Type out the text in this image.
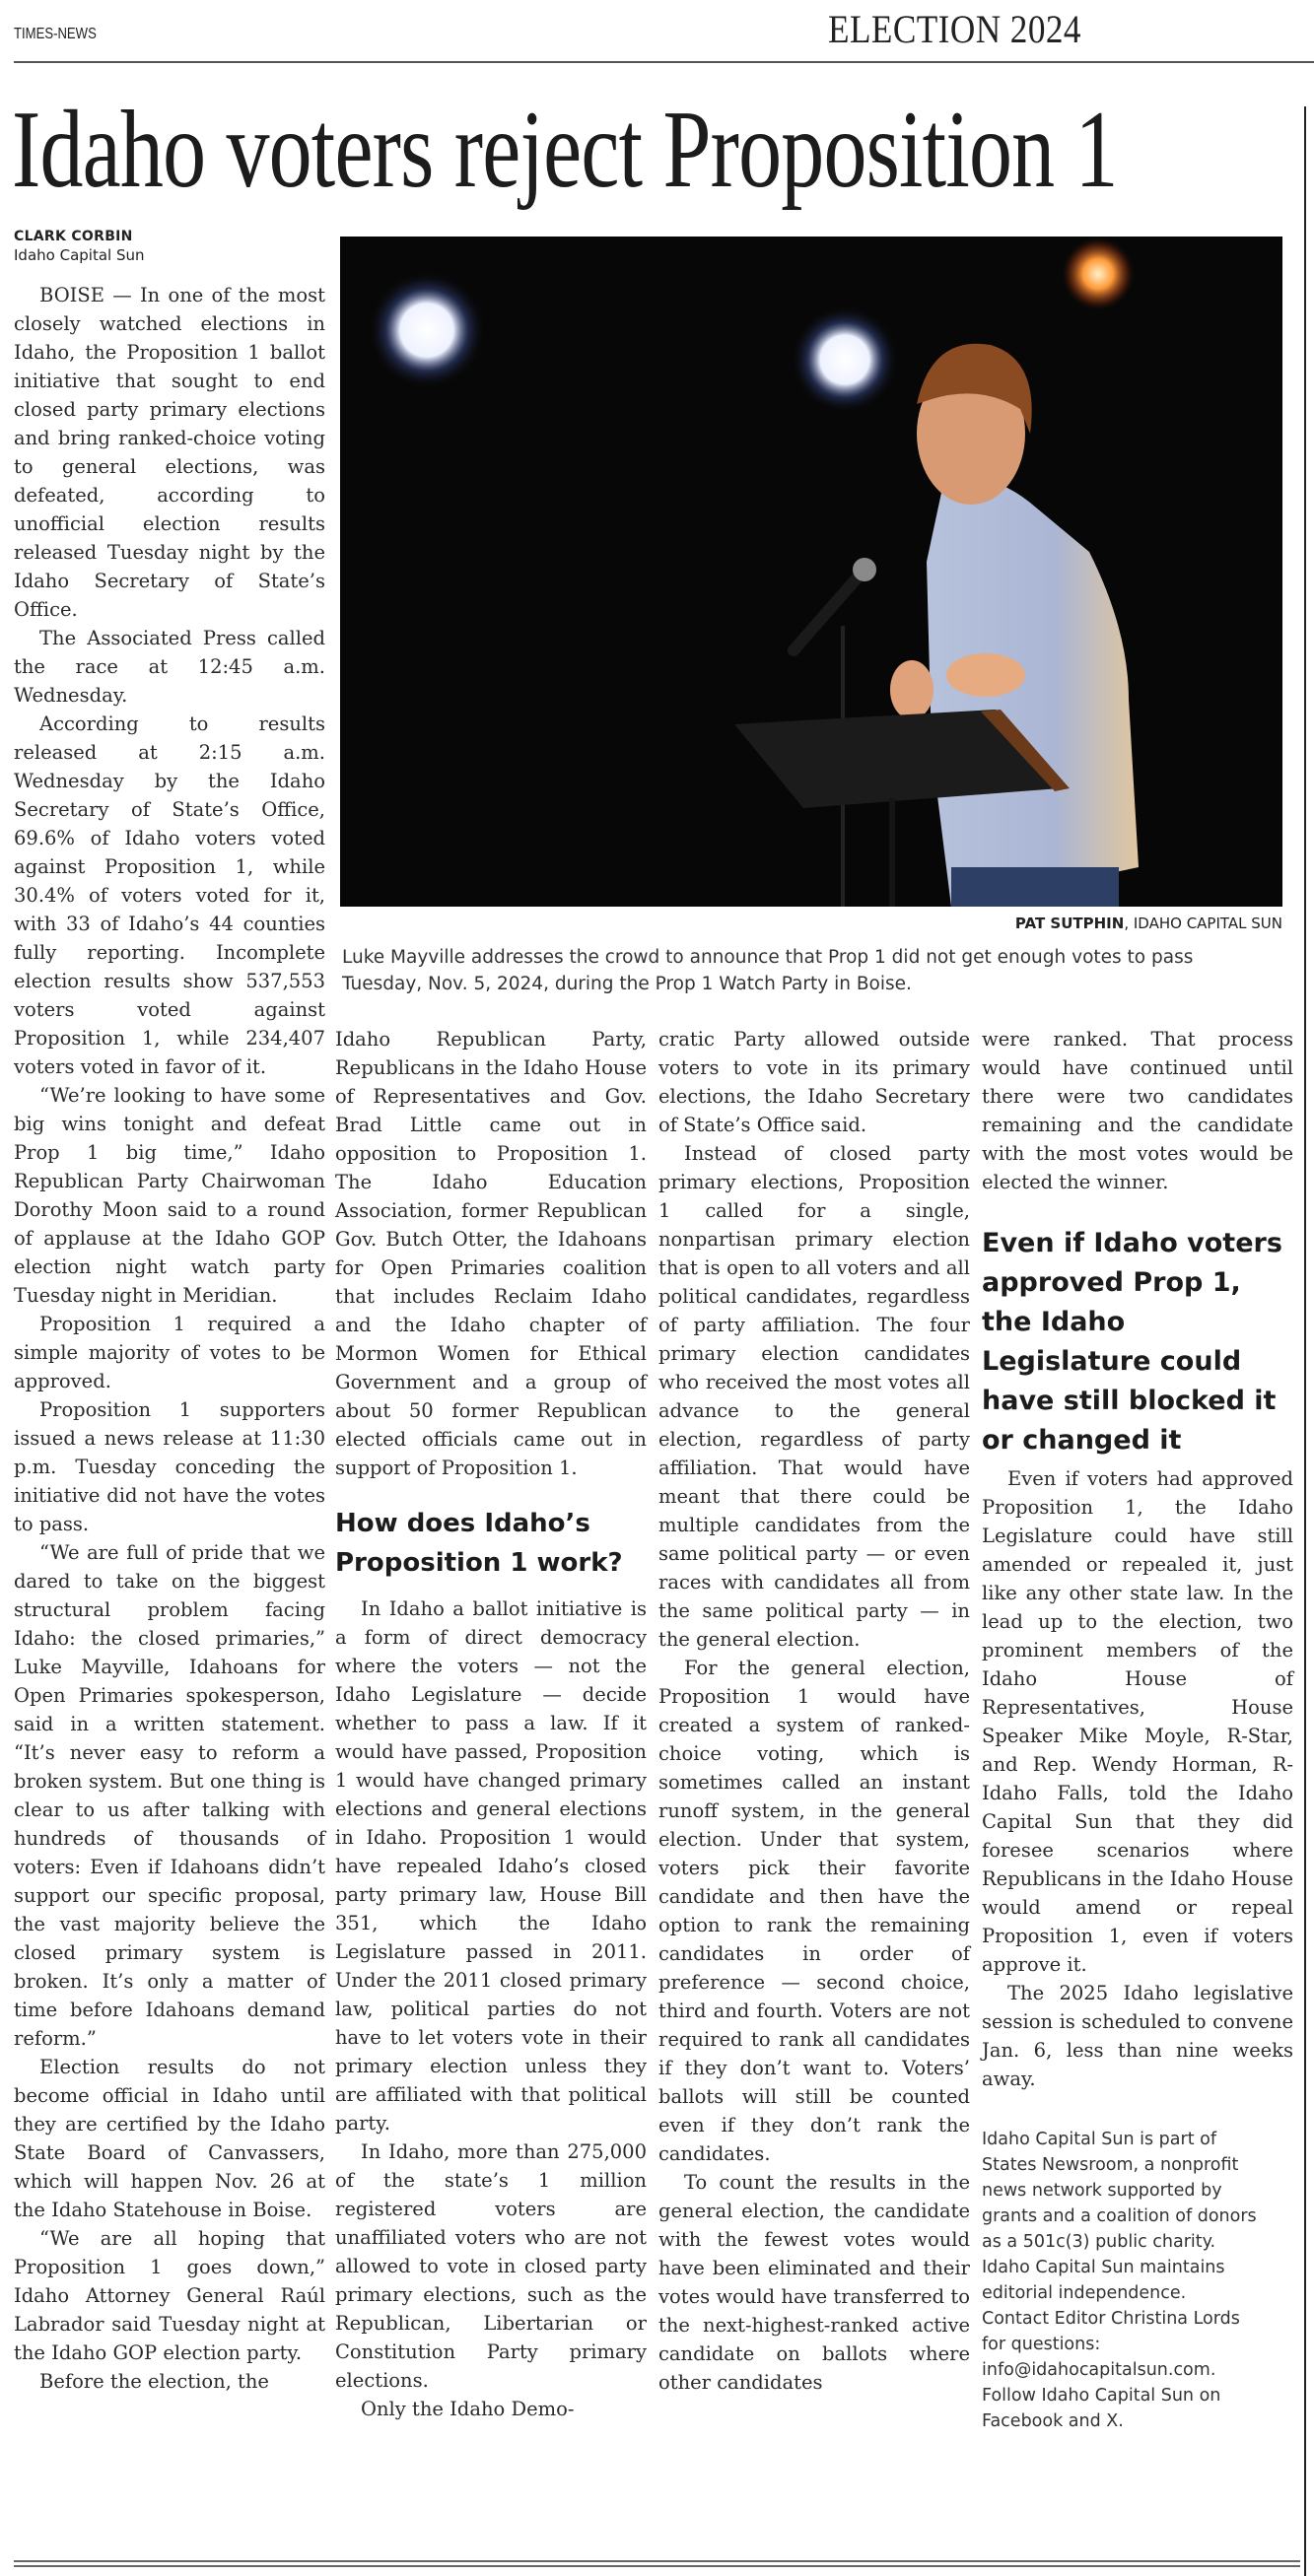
TIMES-NEWS	ELECTION 2024
Idaho voters reject Proposition 1
CLARK CORBIN
Idaho Capital Sun
PAT SUTPHIN, IDAHO CAPITAL SUN
Luke Mayville addresses the crowd to announce that Prop 1 did not get enough votes to pass Tuesday, Nov. 5, 2024, during the Prop 1 Watch Party in Boise.

BOISE — In one of the most closely watched elections in Idaho, the Proposition 1 ballot initiative that sought to end closed party primary elections and bring ranked-choice voting to general elections, was defeated, according to unofficial election results released Tuesday night by the Idaho Secretary of State’s Office.

The Associated Press called the race at 12:45 a.m. Wednesday.

According to results released at 2:15 a.m. Wednesday by the Idaho Secretary of State’s Office, 69.6% of Idaho voters voted against Proposition 1, while 30.4% of voters voted for it, with 33 of Idaho’s 44 counties fully reporting. Incomplete election results show 537,553 voters voted against Proposition 1, while 234,407 voters voted in favor of it.

“We’re looking to have some big wins tonight and defeat Prop 1 big time,” Idaho Republican Party Chairwoman Dorothy Moon said to a round of applause at the Idaho GOP election night watch party Tuesday night in Meridian.

Proposition 1 required a simple majority of votes to be approved.

Proposition 1 supporters issued a news release at 11:30 p.m. Tuesday conceding the initiative did not have the votes to pass.

“We are full of pride that we dared to take on the biggest structural problem facing Idaho: the closed primaries,” Luke Mayville, Idahoans for Open Primaries spokesperson, said in a written statement. “It’s never easy to reform a broken system. But one thing is clear to us after talking with hundreds of thousands of voters: Even if Idahoans didn’t support our specific proposal, the vast majority believe the closed primary system is broken. It’s only a matter of time before Idahoans demand reform.”

Election results do not become official in Idaho until they are certified by the Idaho State Board of Canvassers, which will happen Nov. 26 at the Idaho Statehouse in Boise.

“We are all hoping that Proposition 1 goes down,” Idaho Attorney General Raúl Labrador said Tuesday night at the Idaho GOP election party.

Before the election, the

Idaho Republican Party, Republicans in the Idaho House of Representatives and Gov. Brad Little came out in opposition to Proposition 1. The Idaho Education Association, former Republican Gov. Butch Otter, the Idahoans for Open Primaries coalition that includes Reclaim Idaho and the Idaho chapter of Mormon Women for Ethical Government and a group of about 50 former Republican elected officials came out in support of Proposition 1.

How does Idaho’s Proposition 1 work?

In Idaho a ballot initiative is a form of direct democracy where the voters — not the Idaho Legislature — decide whether to pass a law. If it would have passed, Proposition 1 would have changed primary elections and general elections in Idaho. Proposition 1 would have repealed Idaho’s closed party primary law, House Bill 351, which the Idaho Legislature passed in 2011. Under the 2011 closed primary law, political parties do not have to let voters vote in their primary election unless they are affiliated with that political party.

In Idaho, more than 275,000 of the state’s 1 million registered voters are unaffiliated voters who are not allowed to vote in closed party primary elections, such as the Republican, Libertarian or Constitution Party primary elections.

Only the Idaho Demo-

cratic Party allowed outside voters to vote in its primary elections, the Idaho Secretary of State’s Office said.

Instead of closed party primary elections, Proposition 1 called for a single, nonpartisan primary election that is open to all voters and all political candidates, regardless of party affiliation. The four primary election candidates who received the most votes all advance to the general election, regardless of party affiliation. That would have meant that there could be multiple candidates from the same political party — or even races with candidates all from the same political party — in the general election.

For the general election, Proposition 1 would have created a system of ranked-choice voting, which is sometimes called an instant runoff system, in the general election. Under that system, voters pick their favorite candidate and then have the option to rank the remaining candidates in order of preference — second choice, third and fourth. Voters are not required to rank all candidates if they don’t want to. Voters’ ballots will still be counted even if they don’t rank the candidates.

To count the results in the general election, the candidate with the fewest votes would have been eliminated and their votes would have transferred to the next-highest-ranked active candidate on ballots where other candidates

were ranked. That process would have continued until there were two candidates remaining and the candidate with the most votes would be elected the winner.

Even if Idaho voters approved Prop 1, the Idaho Legislature could have still blocked it or changed it

Even if voters had approved Proposition 1, the Idaho Legislature could have still amended or repealed it, just like any other state law. In the lead up to the election, two prominent members of the Idaho House of Representatives, House Speaker Mike Moyle, R-Star, and Rep. Wendy Horman, R-Idaho Falls, told the Idaho Capital Sun that they did foresee scenarios where Republicans in the Idaho House would amend or repeal Proposition 1, even if voters approve it.

The 2025 Idaho legislative session is scheduled to convene Jan. 6, less than nine weeks away.

Idaho Capital Sun is part of States Newsroom, a nonprofit news network supported by grants and a coalition of donors as a 501c(3) public charity. Idaho Capital Sun maintains editorial independence. Contact Editor Christina Lords for questions: info@idahocapitalsun.com. Follow Idaho Capital Sun on Facebook and X.
